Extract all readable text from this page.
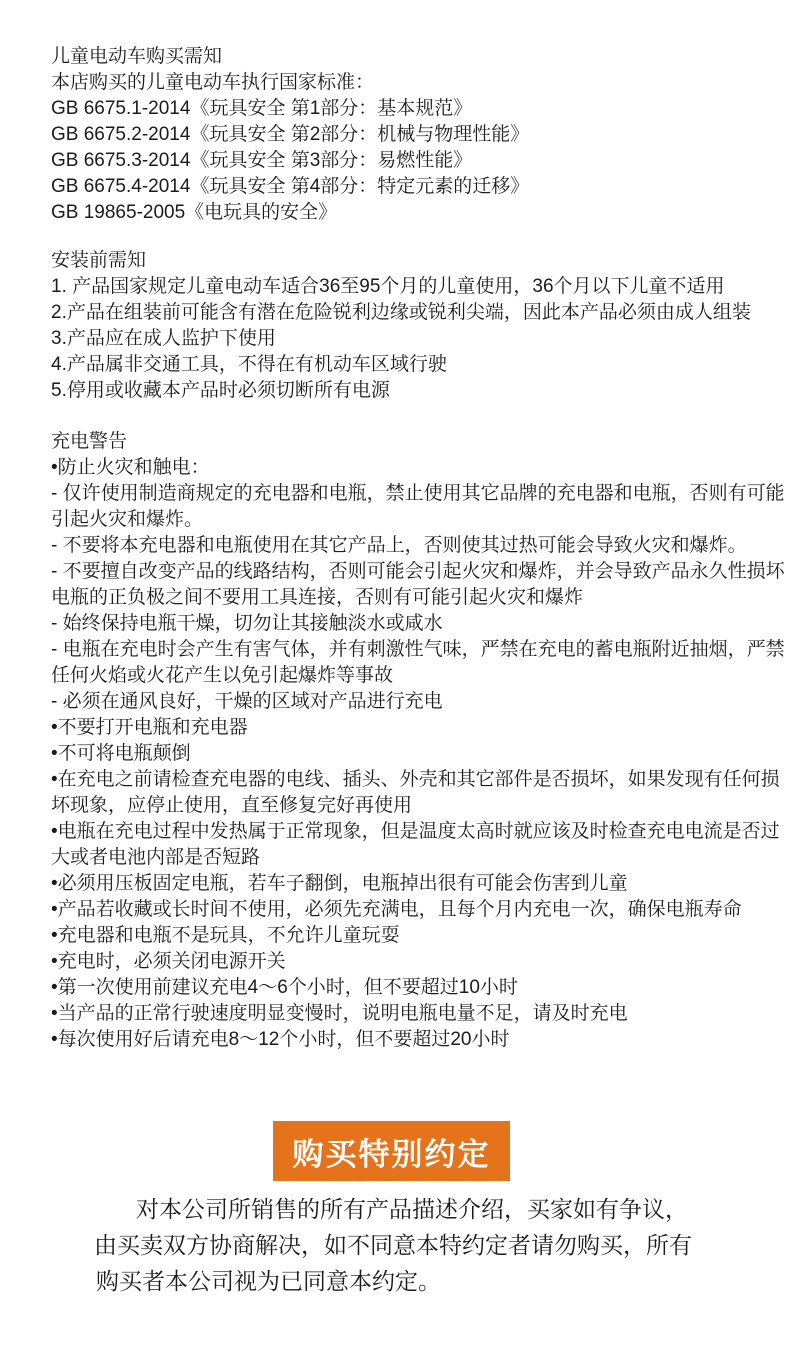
儿童电动车购买需知
本店购买的儿童电动车执行国家标准：
GB 6675.1-2014《玩具安全 第1部分：基本规范》
GB 6675.2-2014《玩具安全 第2部分：机械与物理性能》
GB 6675.3-2014《玩具安全 第3部分：易燃性能》
GB 6675.4-2014《玩具安全 第4部分：特定元素的迁移》
GB 19865-2005《电玩具的安全》
安装前需知
1. 产品国家规定儿童电动车适合36至95个月的儿童使用，36个月以下儿童不适用
2.产品在组装前可能含有潜在危险锐利边缘或锐利尖端，因此本产品必须由成人组装
3.产品应在成人监护下使用
4.产品属非交通工具，不得在有机动车区域行驶
5.停用或收藏本产品时必须切断所有电源
充电警告
•防止火灾和触电：
- 仅许使用制造商规定的充电器和电瓶，禁止使用其它品牌的充电器和电瓶，否则有可能
引起火灾和爆炸。
- 不要将本充电器和电瓶使用在其它产品上，否则使其过热可能会导致火灾和爆炸。
- 不要擅自改变产品的线路结构，否则可能会引起火灾和爆炸，并会导致产品永久性损坏
电瓶的正负极之间不要用工具连接，否则有可能引起火灾和爆炸
- 始终保持电瓶干燥，切勿让其接触淡水或咸水
- 电瓶在充电时会产生有害气体，并有刺激性气味，严禁在充电的蓄电瓶附近抽烟，严禁
任何火焰或火花产生以免引起爆炸等事故
- 必须在通风良好，干燥的区域对产品进行充电
•不要打开电瓶和充电器
•不可将电瓶颠倒
•在充电之前请检查充电器的电线、插头、外壳和其它部件是否损坏，如果发现有任何损
坏现象，应停止使用，直至修复完好再使用
•电瓶在充电过程中发热属于正常现象，但是温度太高时就应该及时检查充电电流是否过
大或者电池内部是否短路
•必须用压板固定电瓶，若车子翻倒，电瓶掉出很有可能会伤害到儿童
•产品若收藏或长时间不使用，必须先充满电，且每个月内充电一次，确保电瓶寿命
•充电器和电瓶不是玩具，不允许儿童玩耍
•充电时，必须关闭电源开关
•第一次使用前建议充电4～6个小时，但不要超过10小时
•当产品的正常行驶速度明显变慢时，说明电瓶电量不足，请及时充电
•每次使用好后请充电8～12个小时，但不要超过20小时
购买特别约定
对本公司所销售的所有产品描述介绍，买家如有争议，
由买卖双方协商解决，如不同意本特约定者请勿购买，所有
购买者本公司视为已同意本约定。
